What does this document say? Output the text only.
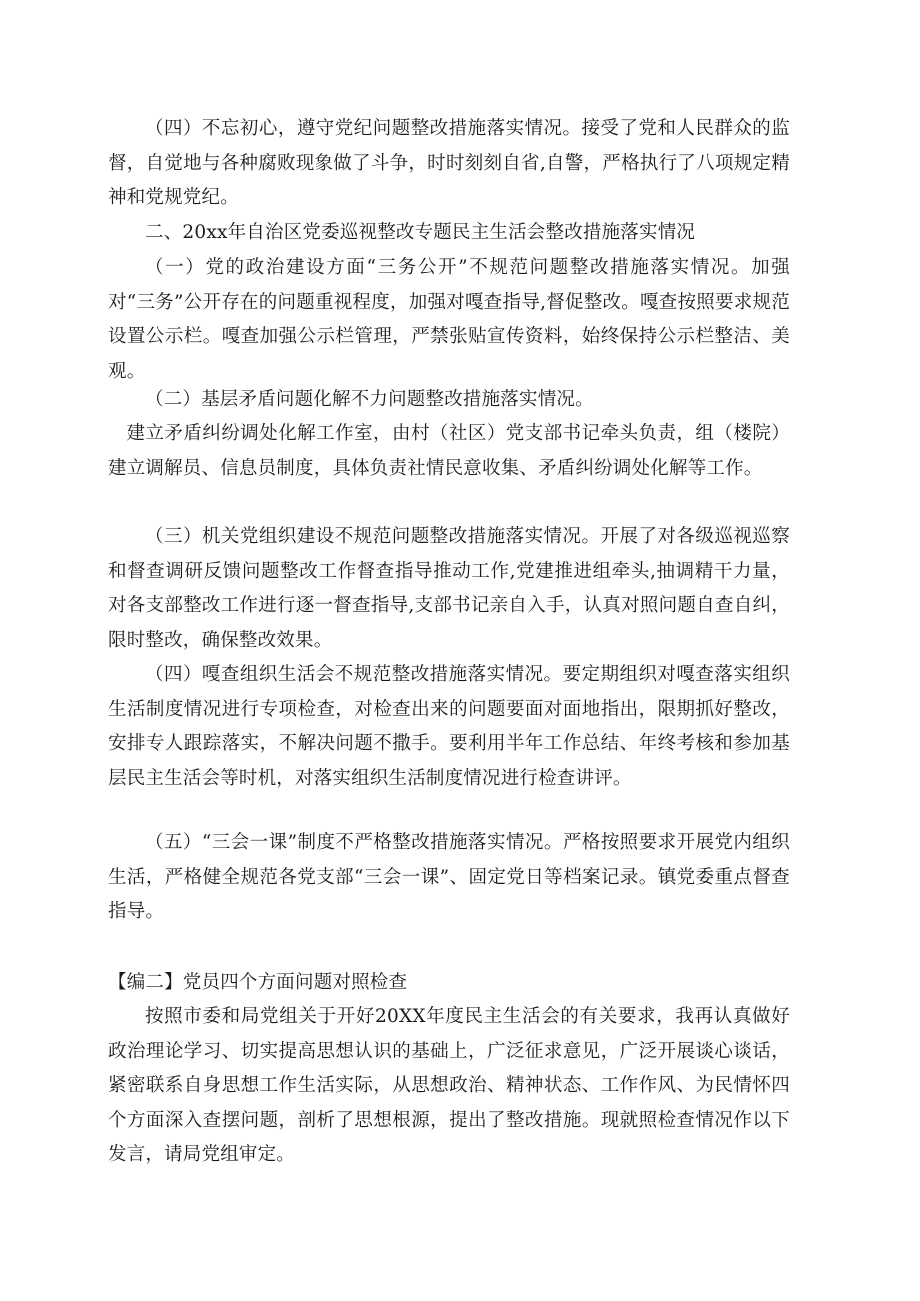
（四）不忘初心，遵守党纪问题整改措施落实情况。接受了党和人民群众的监督，自觉地与各种腐败现象做了斗争，时时刻刻自省,自警，严格执行了八项规定精神和党规党纪。

二、20xx年自治区党委巡视整改专题民主生活会整改措施落实情况

（一）党的政治建设方面“三务公开”不规范问题整改措施落实情况。加强对“三务”公开存在的问题重视程度，加强对嘎查指导,督促整改。嘎查按照要求规范设置公示栏。嘎查加强公示栏管理，严禁张贴宣传资料，始终保持公示栏整洁、美观。

（二）基层矛盾问题化解不力问题整改措施落实情况。

建立矛盾纠纷调处化解工作室，由村（社区）党支部书记牵头负责，组（楼院）建立调解员、信息员制度，具体负责社情民意收集、矛盾纠纷调处化解等工作。

（三）机关党组织建设不规范问题整改措施落实情况。开展了对各级巡视巡察和督查调研反馈问题整改工作督查指导推动工作,党建推进组牵头,抽调精干力量，对各支部整改工作进行逐一督查指导,支部书记亲自入手，认真对照问题自查自纠，限时整改，确保整改效果。

（四）嘎查组织生活会不规范整改措施落实情况。要定期组织对嘎查落实组织生活制度情况进行专项检查，对检查出来的问题要面对面地指出，限期抓好整改，安排专人跟踪落实，不解决问题不撒手。要利用半年工作总结、年终考核和参加基层民主生活会等时机，对落实组织生活制度情况进行检查讲评。

（五）“三会一课”制度不严格整改措施落实情况。严格按照要求开展党内组织生活，严格健全规范各党支部“三会一课”、固定党日等档案记录。镇党委重点督查指导。

【编二】党员四个方面问题对照检查

按照市委和局党组关于开好20XX年度民主生活会的有关要求，我再认真做好政治理论学习、切实提高思想认识的基础上，广泛征求意见，广泛开展谈心谈话，紧密联系自身思想工作生活实际，从思想政治、精神状态、工作作风、为民情怀四个方面深入查摆问题，剖析了思想根源，提出了整改措施。现就照检查情况作以下发言，请局党组审定。
